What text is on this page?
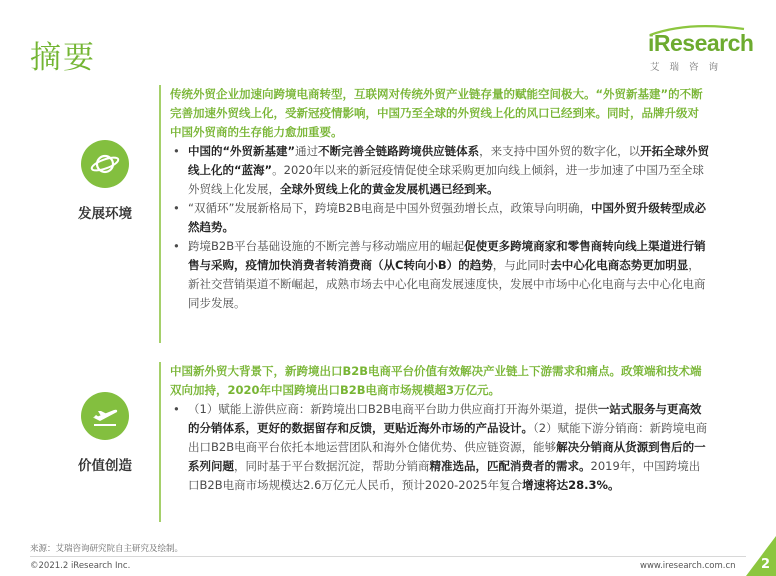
摘要	iResearch
艾瑞咨询
发展环境
传统外贸企业加速向跨境电商转型，互联网对传统外贸产业链存量的赋能空间极大。“外贸新基建”的不断完善加速外贸线上化，受新冠疫情影响，中国乃至全球的外贸线上化的风口已经到来。同时，品牌升级对中国外贸商的生存能力愈加重要。
• 中国的“外贸新基建”通过不断完善全链路跨境供应链体系，来支持中国外贸的数字化，以开拓全球外贸线上化的“蓝海”。2020年以来的新冠疫情促使全球采购更加向线上倾斜，进一步加速了中国乃至全球外贸线上化发展，全球外贸线上化的黄金发展机遇已经到来。
• “双循环”发展新格局下，跨境B2B电商是中国外贸强劲增长点，政策导向明确，中国外贸升级转型成必然趋势。
• 跨境B2B平台基础设施的不断完善与移动端应用的崛起促使更多跨境商家和零售商转向线上渠道进行销售与采购，疫情加快消费者转消费商（从C转向小B）的趋势，与此同时去中心化电商态势更加明显，新社交营销渠道不断崛起，成熟市场去中心化电商发展速度快，发展中市场中心化电商与去中心化电商同步发展。
价值创造
中国新外贸大背景下，新跨境出口B2B电商平台价值有效解决产业链上下游需求和痛点。政策端和技术端双向加持，2020年中国跨境出口B2B电商市场规模超3万亿元。
• （1）赋能上游供应商：新跨境出口B2B电商平台助力供应商打开海外渠道，提供一站式服务与更高效的分销体系，更好的数据留存和反馈，更贴近海外市场的产品设计。（2）赋能下游分销商：新跨境电商出口B2B电商平台依托本地运营团队和海外仓储优势、供应链资源，能够解决分销商从货源到售后的一系列问题，同时基于平台数据沉淀，帮助分销商精准选品，匹配消费者的需求。2019年，中国跨境出口B2B电商市场规模达2.6万亿元人民币，预计2020-2025年复合增速将达28.3%。
来源：艾瑞咨询研究院自主研究及绘制。
©2021.2 iResearch Inc.	www.iresearch.com.cn 2
